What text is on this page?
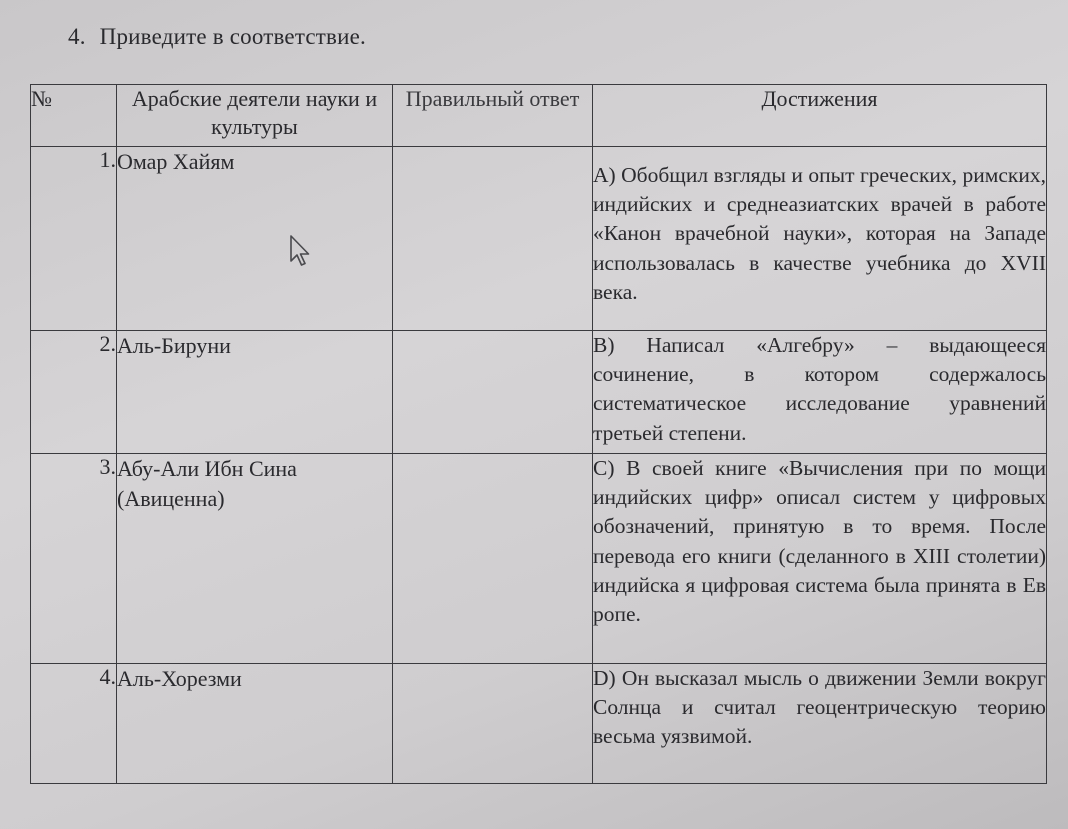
4. Приведите в соответствие.
№	Арабские деятели науки и культуры	Правильный ответ	Достижения
1.	Омар Хайям		А) Обобщил взгляды и опыт греческих, римских, индийских и среднеазиатских врачей в работе «Канон врачебной науки», которая на Западе использовалась в качестве учебника до XVII века.
2.	Аль-Бируни		В) Написал «Алгебру» – выдающееся сочинение, в котором содержалось систематическое исследование уравнений третьей степени.
3.	Абу-Али Ибн Сина (Авиценна)		С) В своей книге «Вычисления при по мощи индийских цифр» описал систем у цифровых обозначений, принятую в то время. После перевода его книги (сделанного в XIII столетии) индийска я цифровая система была принята в Ев ропе.
4.	Аль-Хорезми		D) Он высказал мысль о движении Земли вокруг Солнца и считал геоцентрическую теорию весьма уязвимой.
